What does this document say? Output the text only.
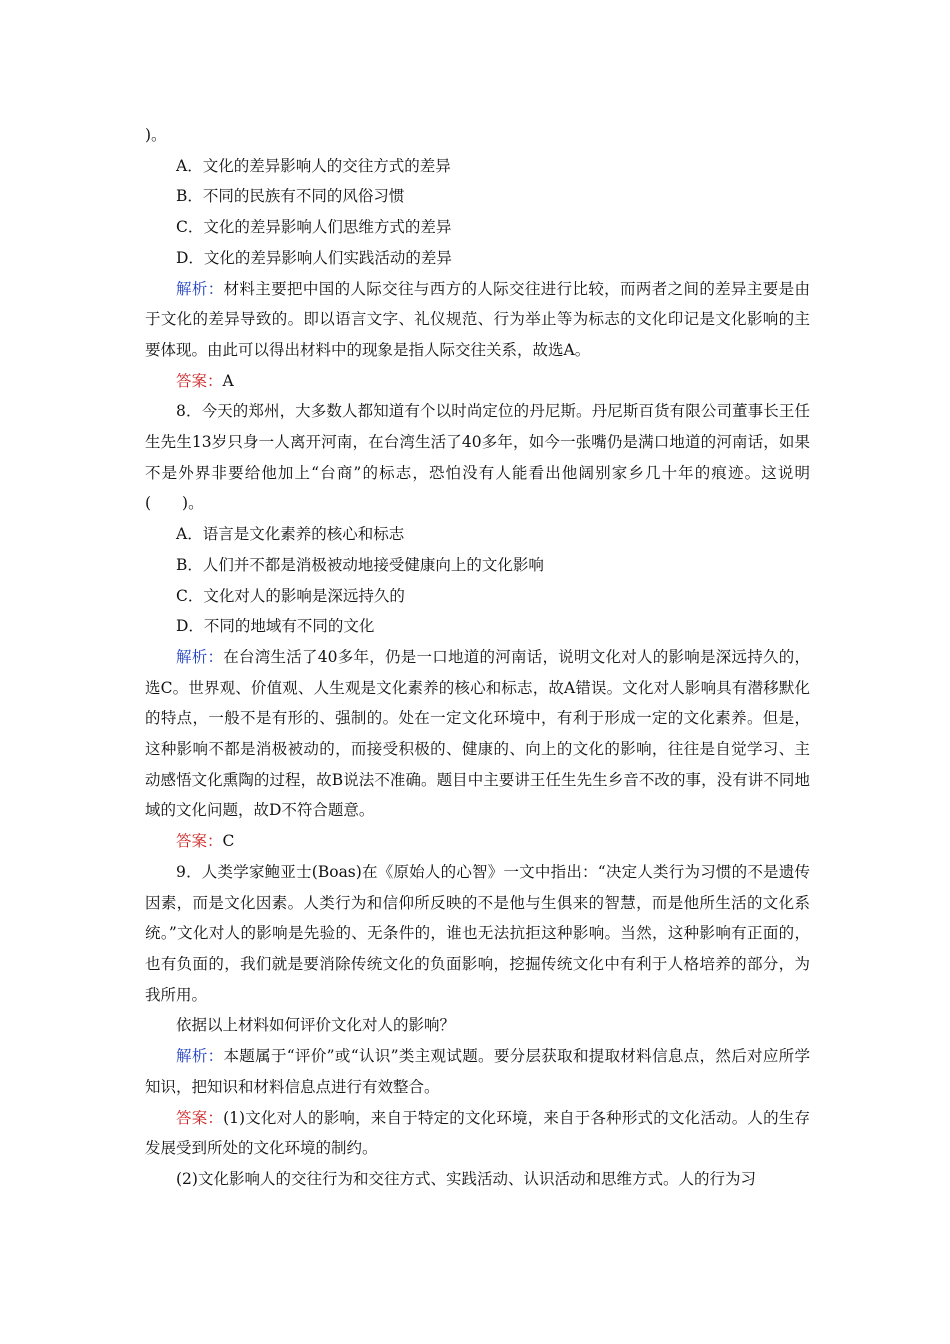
)。

A．文化的差异影响人的交往方式的差异

B．不同的民族有不同的风俗习惯

C．文化的差异影响人们思维方式的差异

D．文化的差异影响人们实践活动的差异

解析：材料主要把中国的人际交往与西方的人际交往进行比较，而两者之间的差异主要是由于文化的差异导致的。即以语言文字、礼仪规范、行为举止等为标志的文化印记是文化影响的主要体现。由此可以得出材料中的现象是指人际交往关系，故选A。

答案：A

8．今天的郑州，大多数人都知道有个以时尚定位的丹尼斯。丹尼斯百货有限公司董事长王任生先生13岁只身一人离开河南，在台湾生活了40多年，如今一张嘴仍是满口地道的河南话，如果不是外界非要给他加上“台商”的标志，恐怕没有人能看出他阔别家乡几十年的痕迹。这说明(　　)。

A．语言是文化素养的核心和标志

B．人们并不都是消极被动地接受健康向上的文化影响

C．文化对人的影响是深远持久的

D．不同的地域有不同的文化

解析：在台湾生活了40多年，仍是一口地道的河南话，说明文化对人的影响是深远持久的，选C。世界观、价值观、人生观是文化素养的核心和标志，故A错误。文化对人影响具有潜移默化的特点，一般不是有形的、强制的。处在一定文化环境中，有利于形成一定的文化素养。但是，这种影响不都是消极被动的，而接受积极的、健康的、向上的文化的影响，往往是自觉学习、主动感悟文化熏陶的过程，故B说法不准确。题目中主要讲王任生先生乡音不改的事，没有讲不同地域的文化问题，故D不符合题意。

答案：C

9．人类学家鲍亚士(Boas)在《原始人的心智》一文中指出：“决定人类行为习惯的不是遗传因素，而是文化因素。人类行为和信仰所反映的不是他与生俱来的智慧，而是他所生活的文化系统。”文化对人的影响是先验的、无条件的，谁也无法抗拒这种影响。当然，这种影响有正面的，也有负面的，我们就是要消除传统文化的负面影响，挖掘传统文化中有利于人格培养的部分，为我所用。

依据以上材料如何评价文化对人的影响？

解析：本题属于“评价”或“认识”类主观试题。要分层获取和提取材料信息点，然后对应所学知识，把知识和材料信息点进行有效整合。

答案：(1)文化对人的影响，来自于特定的文化环境，来自于各种形式的文化活动。人的生存发展受到所处的文化环境的制约。

(2)文化影响人的交往行为和交往方式、实践活动、认识活动和思维方式。人的行为习
